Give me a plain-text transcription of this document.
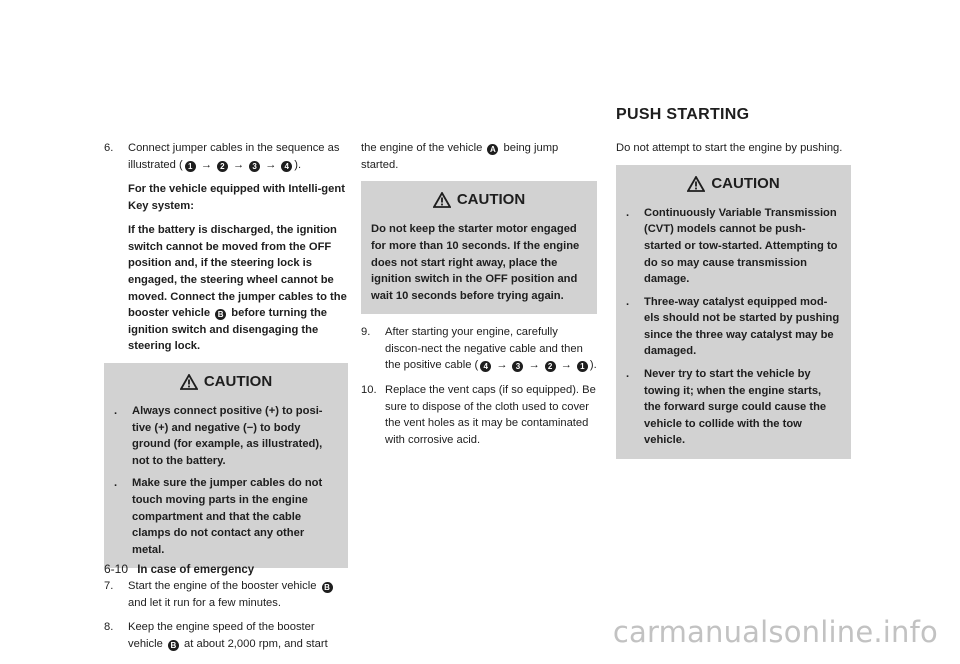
PUSH STARTING
6. Connect jumper cables in the sequence as illustrated ( 1 → 2 → 3 → 4 ).

For the vehicle equipped with Intelli-gent Key system:

If the battery is discharged, the ignition switch cannot be moved from the OFF position and, if the steering lock is engaged, the steering wheel cannot be moved. Connect the jumper cables to the booster vehicle B before turning the ignition switch and disengaging the steering lock.

CAUTION
. Always connect positive (+) to posi-tive (+) and negative (−) to body ground (for example, as illustrated), not to the battery.
. Make sure the jumper cables do not touch moving parts in the engine compartment and that the cable clamps do not contact any other metal.
7. Start the engine of the booster vehicle B and let it run for a few minutes.

8. Keep the engine speed of the booster vehicle B at about 2,000 rpm, and start

the engine of the vehicle A being jump started.

CAUTION

Do not keep the starter motor engaged for more than 10 seconds. If the engine does not start right away, place the ignition switch in the OFF position and wait 10 seconds before trying again.

9. After starting your engine, carefully discon-nect the negative cable and then the positive cable ( 4 → 3 → 2 → 1 ).

10. Replace the vent caps (if so equipped). Be sure to dispose of the cloth used to cover the vent holes as it may be contaminated with corrosive acid.

Do not attempt to start the engine by pushing.

CAUTION
. Continuously Variable Transmission (CVT) models cannot be push-started or tow-started. Attempting to do so may cause transmission damage.
. Three-way catalyst equipped mod-els should not be started by pushing since the three way catalyst may be damaged.
. Never try to start the vehicle by towing it; when the engine starts, the forward surge could cause the vehicle to collide with the tow vehicle.
6-10 In case of emergency
carmanualsonline.info
